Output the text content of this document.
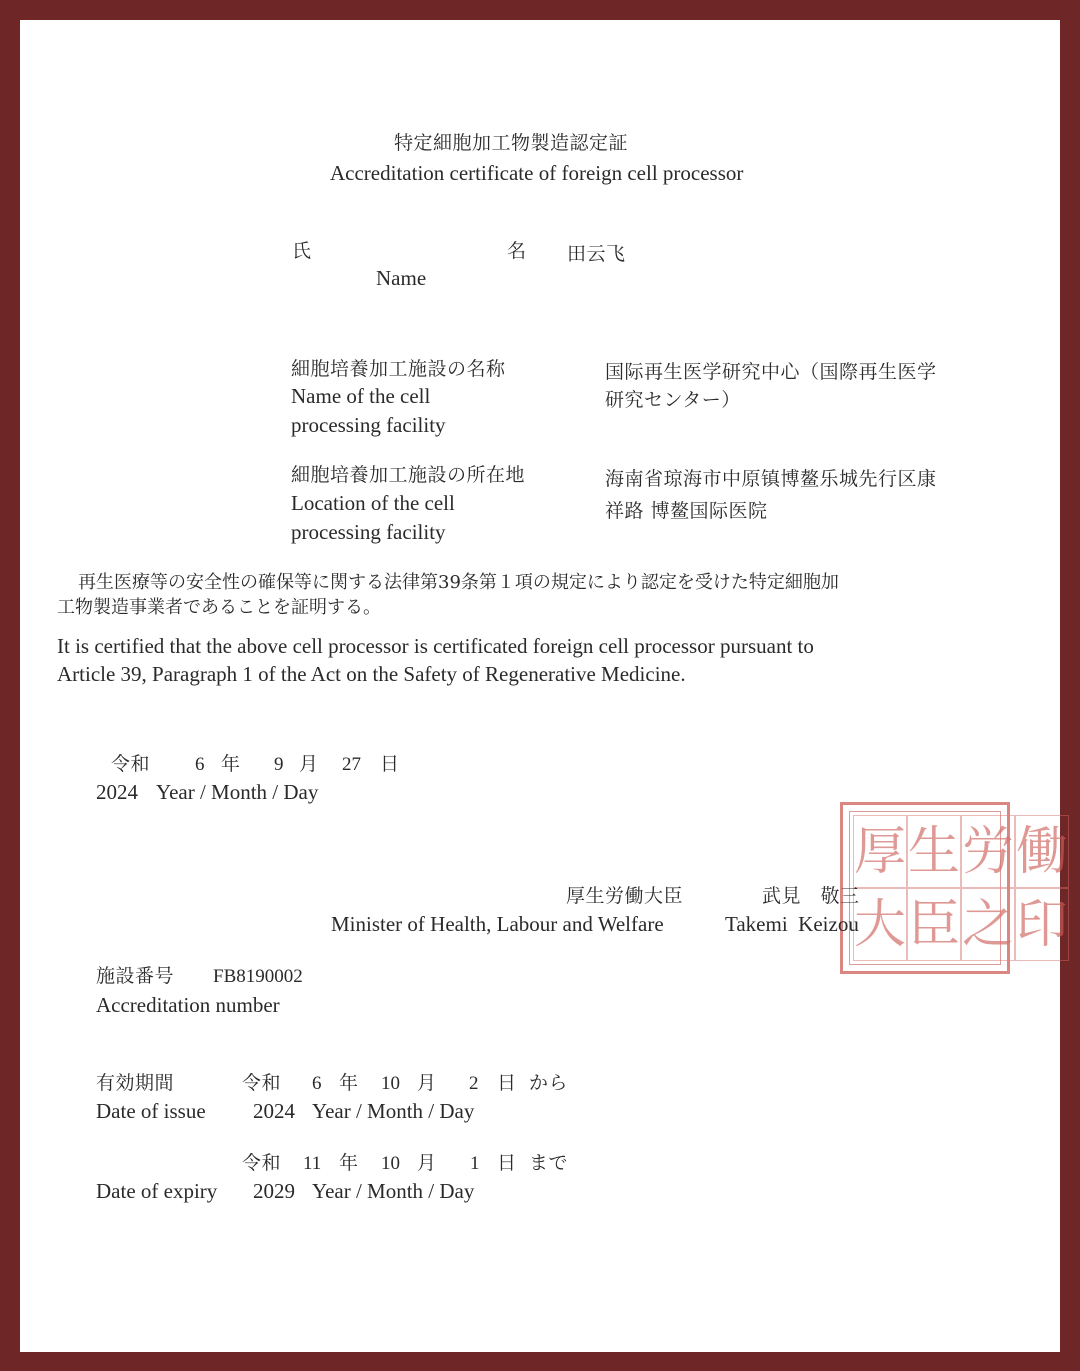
特定細胞加工物製造認定証
Accreditation certificate of foreign cell processor
氏	名 田云飞
Name
細胞培養加工施設の名称
Name of the cell
processing facility
国际再生医学研究中心（国際再生医学
研究センター）
細胞培養加工施設の所在地
Location of the cell
processing facility
海南省琼海市中原镇博鳌乐城先行区康
祥路 博鳌国际医院
再生医療等の安全性の確保等に関する法律第39条第１項の規定により認定を受けた特定細胞加
工物製造事業者であることを証明する。
It is certified that the above cell processor is certificated foreign cell processor pursuant to
Article 39, Paragraph 1 of the Act on the Safety of Regenerative Medicine.
令和 6 年 9 月 27 日
2024 Year / Month / Day
厚 生 労 働
大 臣 之 印
厚生労働大臣	武見　敬三
Minister of Health, Labour and Welfare	Takemi  Keizou
施設番号 FB8190002
Accreditation number
有効期間	令和 6 年 10 月 2 日 から
Date of issue 2024 Year / Month / Day
令和 11 年 10 月 1 日 まで
Date of expiry 2029 Year / Month / Day
